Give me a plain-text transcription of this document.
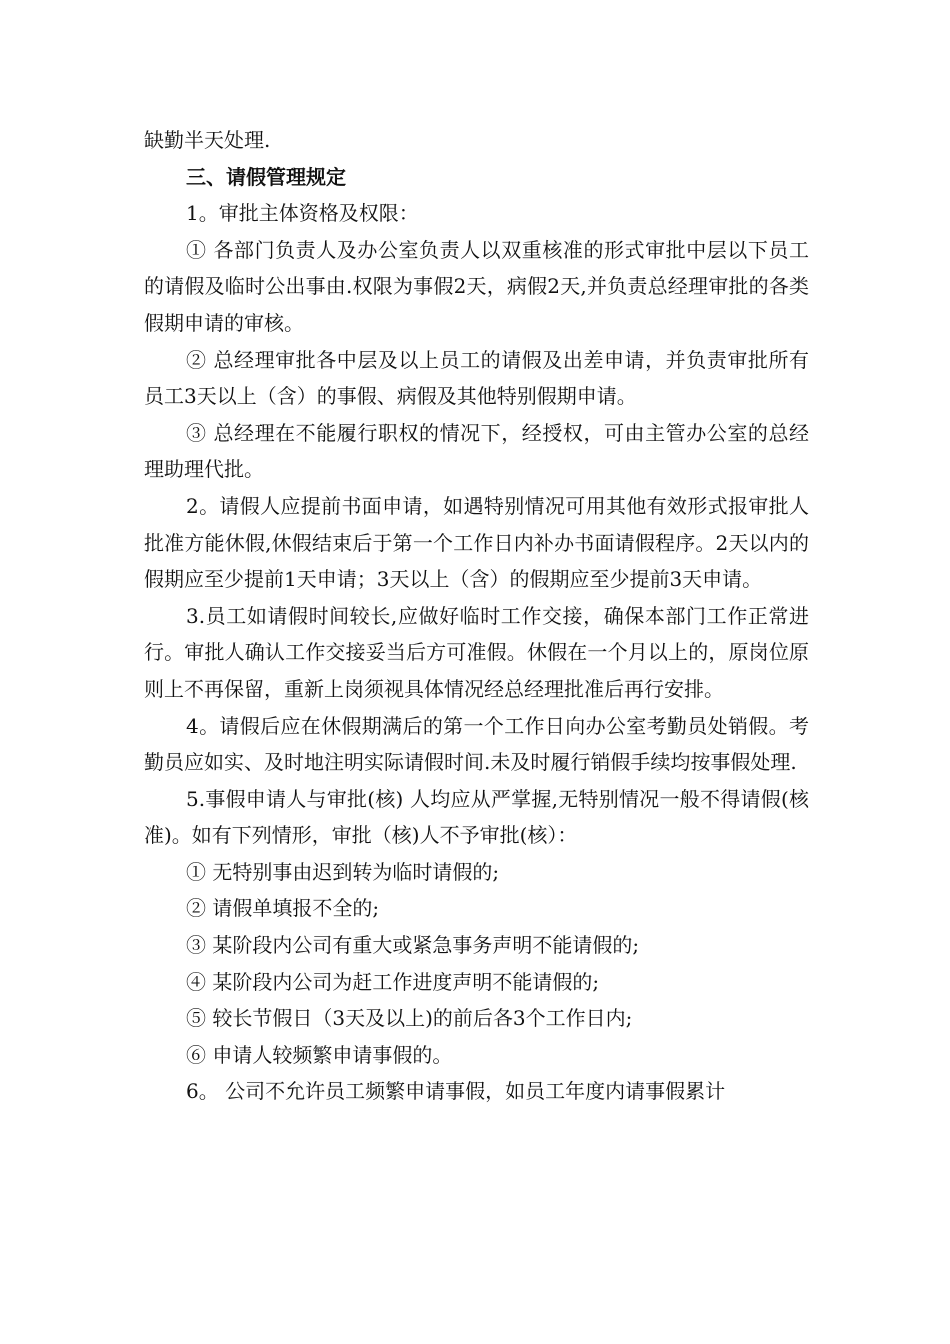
缺勤半天处理.

三、请假管理规定

1。审批主体资格及权限：

① 各部门负责人及办公室负责人以双重核准的形式审批中层以下员工的请假及临时公出事由.权限为事假2天，病假2天,并负责总经理审批的各类假期申请的审核。

② 总经理审批各中层及以上员工的请假及出差申请，并负责审批所有员工3天以上（含）的事假、病假及其他特别假期申请。

③ 总经理在不能履行职权的情况下，经授权，可由主管办公室的总经理助理代批。

2。请假人应提前书面申请，如遇特别情况可用其他有效形式报审批人批准方能休假,休假结束后于第一个工作日内补办书面请假程序。2天以内的假期应至少提前1天申请；3天以上（含）的假期应至少提前3天申请。

3.员工如请假时间较长,应做好临时工作交接，确保本部门工作正常进行。审批人确认工作交接妥当后方可准假。休假在一个月以上的，原岗位原则上不再保留，重新上岗须视具体情况经总经理批准后再行安排。

4。请假后应在休假期满后的第一个工作日向办公室考勤员处销假。考勤员应如实、及时地注明实际请假时间.未及时履行销假手续均按事假处理.

5.事假申请人与审批(核) 人均应从严掌握,无特别情况一般不得请假(核准)。如有下列情形，审批（核)人不予审批(核）：

① 无特别事由迟到转为临时请假的;

② 请假单填报不全的;

③ 某阶段内公司有重大或紧急事务声明不能请假的;

④ 某阶段内公司为赶工作进度声明不能请假的;

⑤ 较长节假日（3天及以上)的前后各3个工作日内;

⑥ 申请人较频繁申请事假的。

6。 公司不允许员工频繁申请事假，如员工年度内请事假累计
